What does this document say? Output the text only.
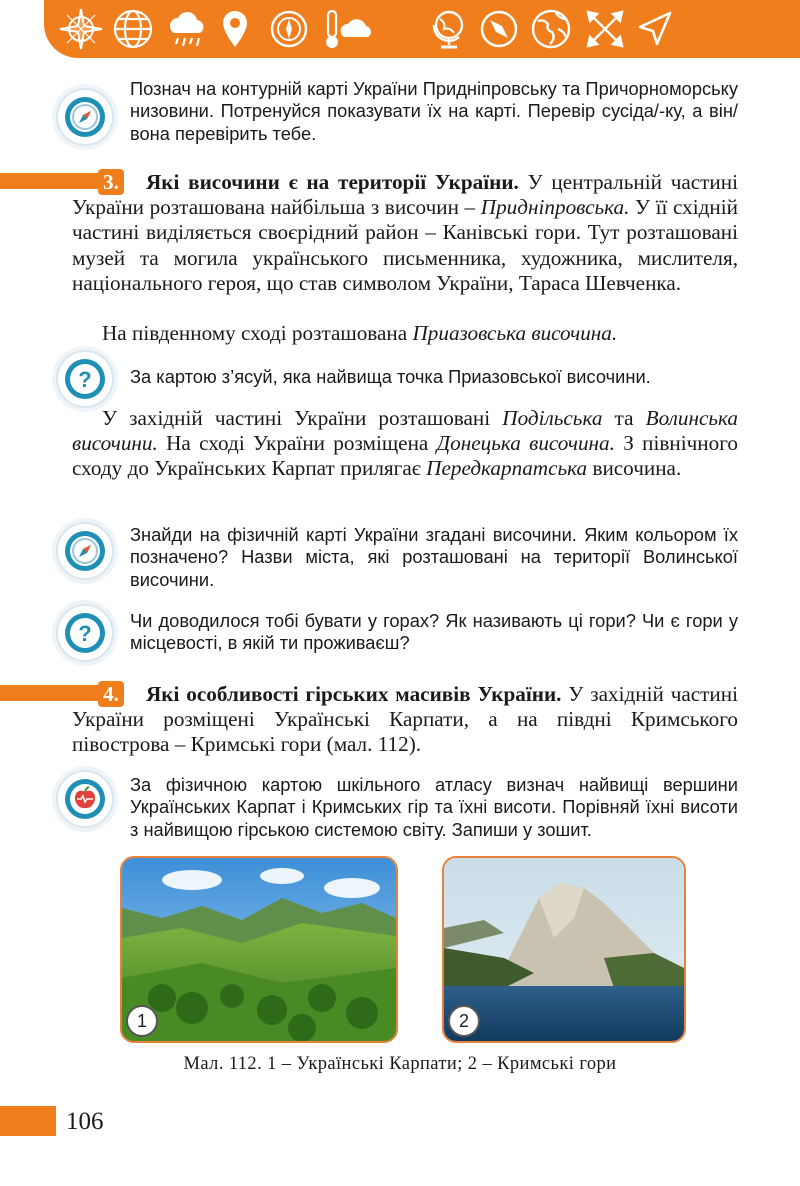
Познач на контурній карті України Придніпровську та Причорноморську низовини. Потренуйся показувати їх на карті. Перевір сусіда/-ку, а він/вона перевірить тебе.
3.	Які височини є на території України. У центральній частині України розташована найбільша з височин – Придніпровська. У її східній частині виділяється своєрідний район – Канівські гори. Тут розташовані музей та могила українського письменника, художника, мислителя, національного героя, що став символом України, Тараса Шевченка.
На південному сході розташована Приазовська височина.
? За картою з’ясуй, яка найвища точка Приазовської височини.
У західній частині України розташовані Подільська та Волинська височини. На сході України розміщена Донецька височина. З північного сходу до Українських Карпат прилягає Передкарпатська височина.
Знайди на фізичній карті України згадані височини. Яким кольором їх позначено? Назви міста, які розташовані на території Волинської височини.
?
Чи доводилося тобі бувати у горах? Як називають ці гори? Чи є гори у місцевості, в якій ти проживаєш?
4.	Які особливості гірських масивів України. У західній частині України розміщені Українські Карпати, а на півдні Кримського півострова – Кримські гори (мал. 112).
За фізичною картою шкільного атласу визнач найвищі вершини Українських Карпат і Кримських гір та їхні висоти. Порівняй їхні висоти з найвищою гірською системою світу. Запиши у зошит.
1	2
Мал. 112. 1 – Українські Карпати; 2 – Кримські гори
106
